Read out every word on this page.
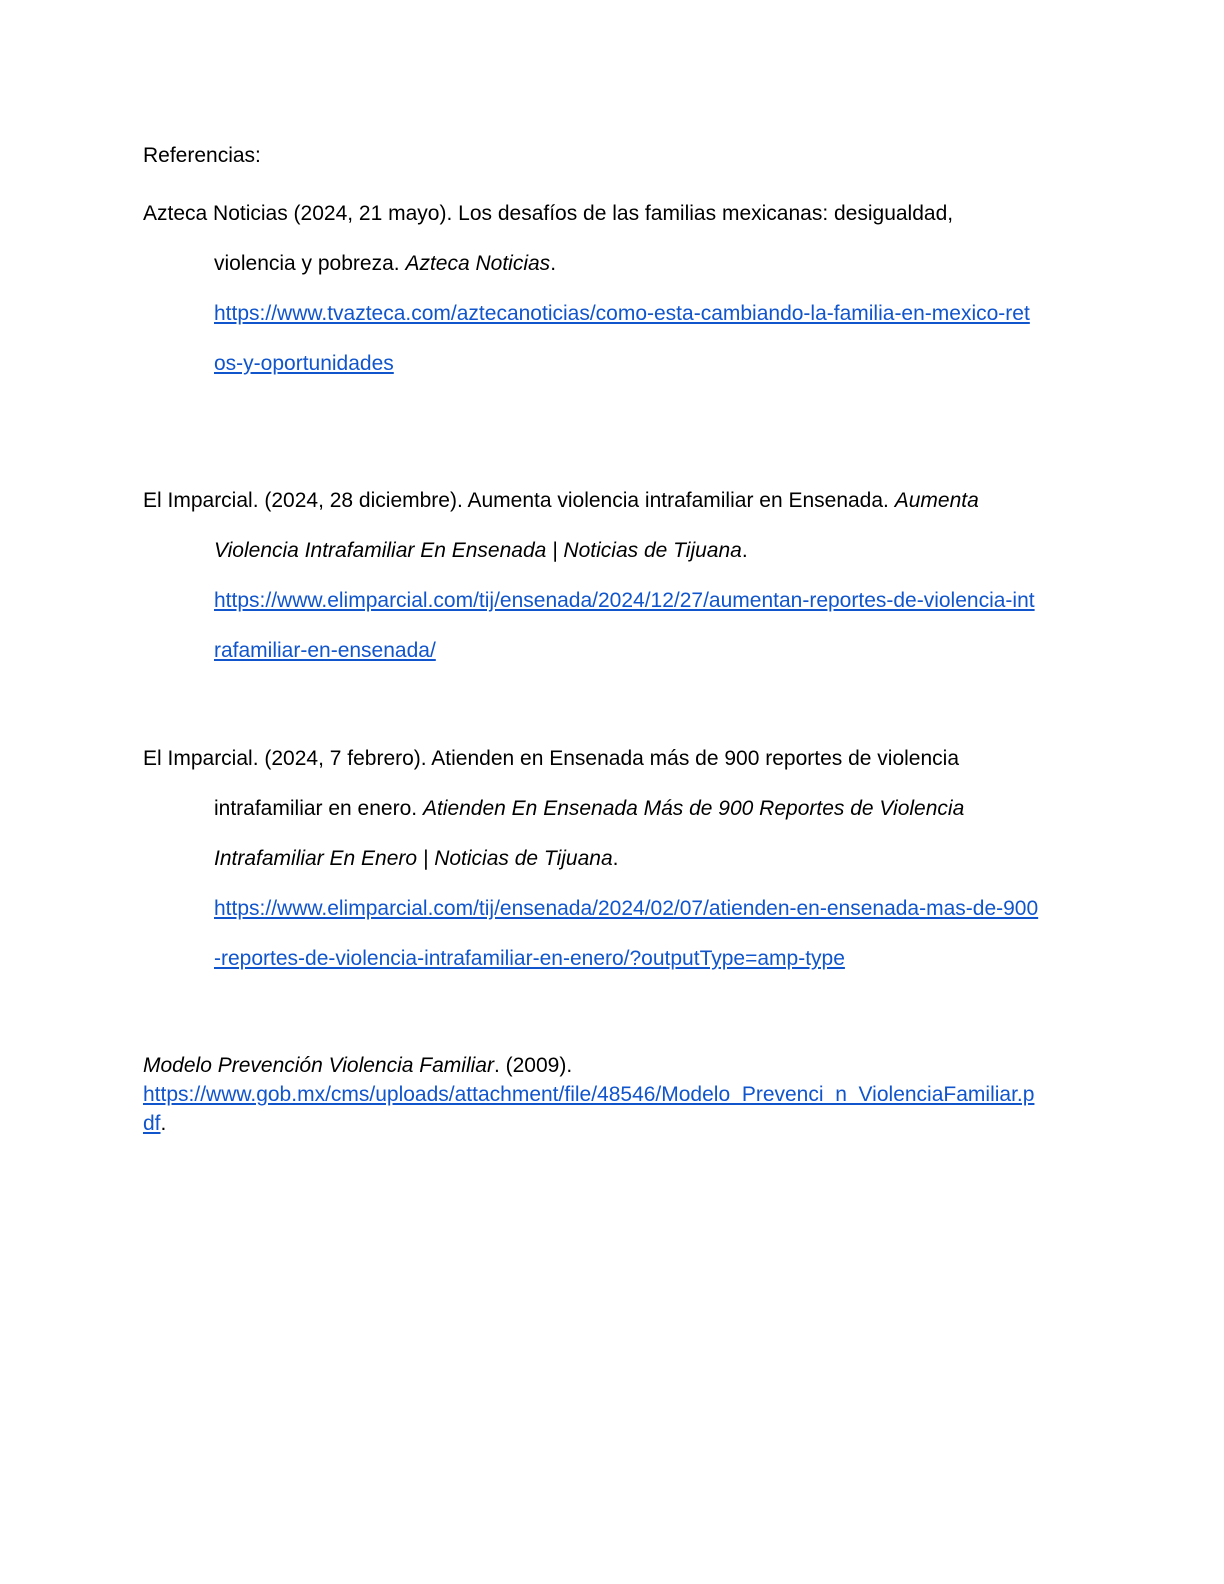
Referencias:

Azteca Noticias (2024, 21 mayo). Los desafíos de las familias mexicanas: desigualdad,

violencia y pobreza. Azteca Noticias.

https://www.tvazteca.com/aztecanoticias/como-esta-cambiando-la-familia-en-mexico-ret

os-y-oportunidades

El Imparcial. (2024, 28 diciembre). Aumenta violencia intrafamiliar en Ensenada. Aumenta

Violencia Intrafamiliar En Ensenada | Noticias de Tijuana.

https://www.elimparcial.com/tij/ensenada/2024/12/27/aumentan-reportes-de-violencia-int

rafamiliar-en-ensenada/

El Imparcial. (2024, 7 febrero). Atienden en Ensenada más de 900 reportes de violencia

intrafamiliar en enero. Atienden En Ensenada Más de 900 Reportes de Violencia

Intrafamiliar En Enero | Noticias de Tijuana.

https://www.elimparcial.com/tij/ensenada/2024/02/07/atienden-en-ensenada-mas-de-900

-reportes-de-violencia-intrafamiliar-en-enero/?outputType=amp-type

Modelo Prevención Violencia Familiar. (2009).

https://www.gob.mx/cms/uploads/attachment/file/48546/Modelo_Prevenci_n_ViolenciaFamiliar.p

df.
